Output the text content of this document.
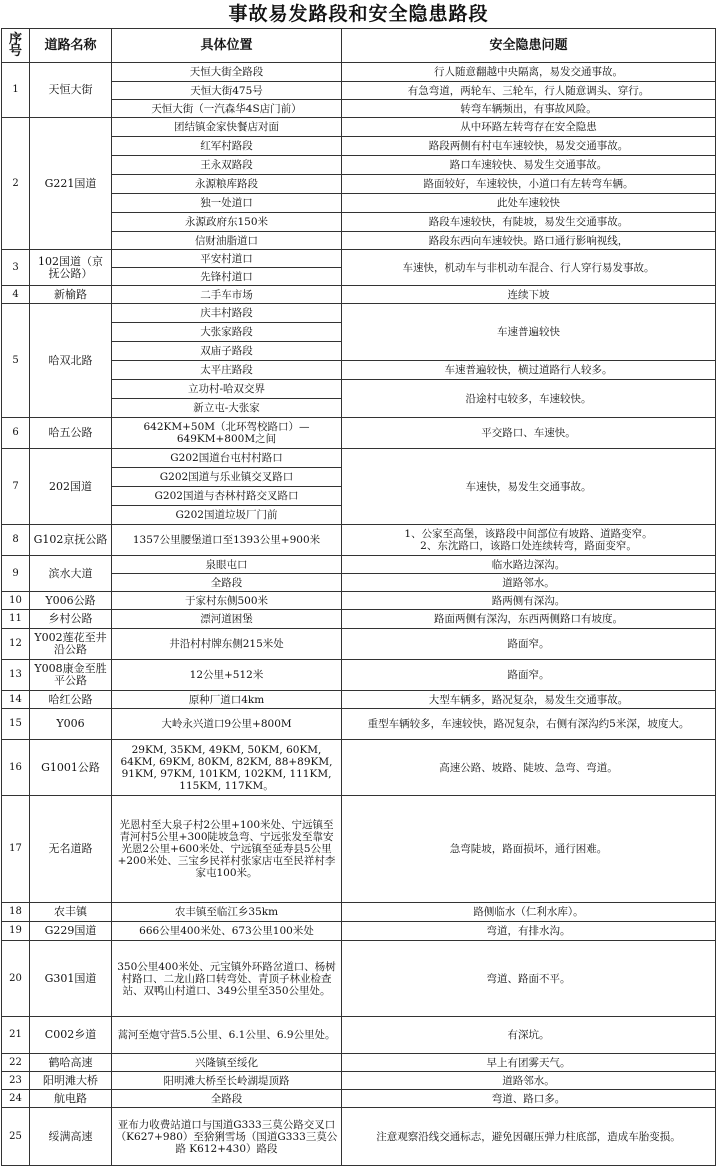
事故易发路段和安全隐患路段
序号	道路名称	具体位置	安全隐患问题
1	天恒大街	天恒大街全路段	行人随意翻越中央隔离，易发交通事故。
		天恒大街475号	有急弯道，两轮车、三轮车，行人随意调头、穿行。
		天恒大街（一汽森华4S店门前）	转弯车辆频出，有事故风险。
2	G221国道	团结镇金家快餐店对面	从中环路左转弯存在安全隐患
		红军村路段	路段两侧有村屯车速较快，易发交通事故。
		王永双路段	路口车速较快、易发生交通事故。
		永源粮库路段	路面较好，车速较快，小道口有左转弯车辆。
		独一处道口	此处车速较快
		永源政府东150米	路段车速较快，有陡坡，易发生交通事故。
		信财油脂道口	路段东西向车速较快。路口通行影响视线，
3	102国道（京抚公路）	平安村道口	车速快，机动车与非机动车混合、行人穿行易发事故。
		先锋村道口	
4	新榆路	二手车市场	连续下坡
5	哈双北路	庆丰村路段	车速普遍较快
		大张家路段	
		双庙子路段	
		太平庄路段	车速普遍较快，横过道路行人较多。
		立功村-哈双交界	沿途村屯较多，车速较快。
		新立屯-大张家	
6	哈五公路	642KM+50M（北环驾校路口）—649KM+800M之间	平交路口、车速快。
7	202国道	G202国道台屯村村路口	车速快，易发生交通事故。
		G202国道与乐业镇交叉路口	
		G202国道与杏林村路交叉路口	
		G202国道垃圾厂门前	
8	G102京抚公路	1357公里腰堡道口至1393公里+900米	1、公家至高堡，该路段中间部位有坡路、道路变窄。
2、东沈路口，该路口处连续转弯，路面变窄。

9	滨水大道	泉眼屯口	临水路边深沟。
		全路段	道路邻水。
10	Y006公路	于家村东侧500米	路两侧有深沟。
11	乡村公路	漂河道困堡	路面两侧有深沟，东西两侧路口有坡度。
12	Y002莲花至井沿公路	井沿村村牌东侧215米处	路面窄。
13	Y008康金至胜平公路	12公里+512米	路面窄。
14	哈红公路	原种厂道口4km	大型车辆多，路况复杂，易发生交通事故。
15	Y006	大岭永兴道口9公里+800M	重型车辆较多，车速较快，路况复杂，右侧有深沟约5米深，坡度大。
16	G1001公路	29KM, 35KM, 49KM, 50KM, 60KM, 64KM, 69KM, 80KM, 82KM, 88+89KM, 91KM, 97KM, 101KM, 102KM, 111KM, 115KM, 117KM。	高速公路、坡路、陡坡、急弯、弯道。
17	无名道路	光恩村至大泉子村2公里+100米处、宁远镇至青河村5公里+300陡坡急弯、宁远张发至靠安光恩2公里+600米处、宁远镇至延寿县5公里+200米处、三宝乡民祥村张家店屯至民祥村李家屯100米。	急弯陡坡，路面损坏，通行困难。
18	农丰镇	农丰镇至临江乡35km	路侧临水（仁利水库）。
19	G229国道	666公里400米处、673公里100米处	弯道，有排水沟。
20	G301国道	350公里400米处、元宝镇外环路岔道口、杨树村路口、二龙山路口转弯处、青顶子林业检查站、双鸭山村道口、349公里至350公里处。	弯道、路面不平。
21	C002乡道	蒿河至炮守营5.5公里、6.1公里、6.9公里处。	有深坑。
22	鹤哈高速	兴隆镇至绥化	早上有团雾天气。
23	阳明滩大桥	阳明滩大桥至长岭湖堤顶路	道路邻水。
24	航电路	全路段	弯道、路口多。
25	绥满高速	亚布力收费站道口与国道G333三莫公路交叉口（K627+980）至猞猁雪场（国道G333三莫公路 K612+430）路段	注意观察沿线交通标志，避免因碾压弹力柱底部，造成车胎变损。
